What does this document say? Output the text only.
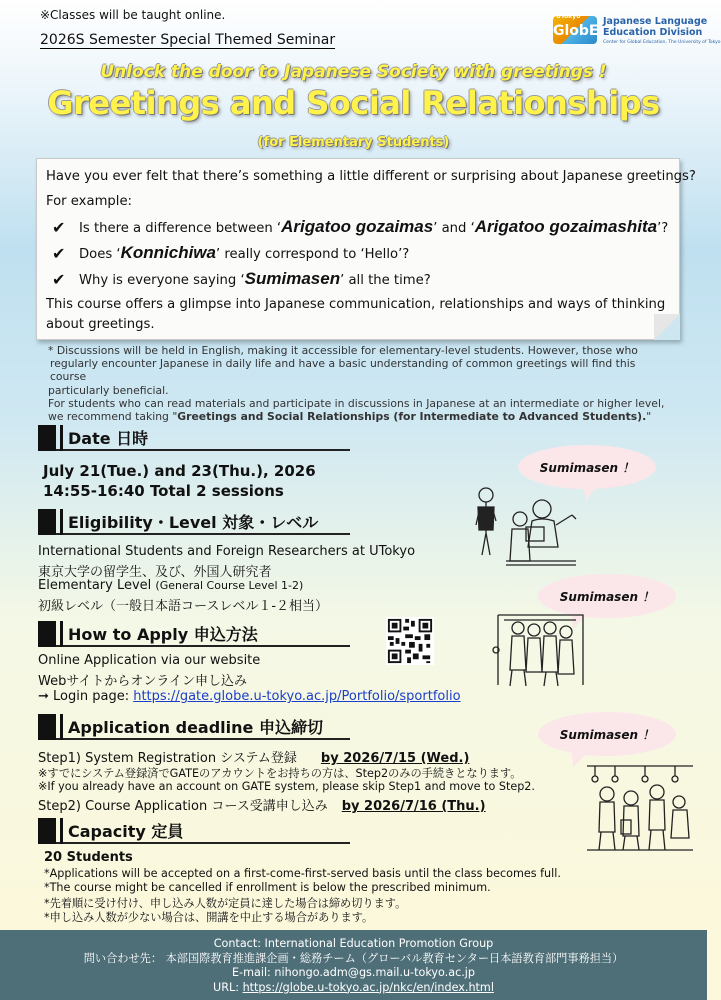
※Classes will be taught online.
2026S Semester Special Themed Seminar
UTokyo
GlobE
Japanese Language
Education Division
Center for Global Education, The University of Tokyo
Unlock the door to Japanese Society with greetings !
Greetings and Social Relationships
(for Elementary Students)
Have you ever felt that there’s something a little different or surprising about Japanese greetings?
For example:
✔ Is there a difference between ‘Arigatoo gozaimas’ and ‘Arigatoo gozaimashita’?
✔ Does ‘Konnichiwa’ really correspond to ‘Hello’?
✔ Why is everyone saying ‘Sumimasen’ all the time?
This course offers a glimpse into Japanese communication, relationships and ways of thinking
about greetings.
* Discussions will be held in English, making it accessible for elementary-level students. However, those who
regularly encounter Japanese in daily life and have a basic understanding of common greetings will find this course
particularly beneficial.
For students who can read materials and participate in discussions in Japanese at an intermediate or higher level,
we recommend taking "Greetings and Social Relationships (for Intermediate to Advanced Students)."
Date 日時
July 21(Tue.) and 23(Thu.), 2026
14:55-16:40 Total 2 sessions
Eligibility・Level 対象・レベル
International Students and Foreign Researchers at UTokyo
東京大学の留学生、及び、外国人研究者
Elementary Level (General Course Level 1-2)
初級レベル（一般日本語コースレベル１‐２相当）
How to Apply 申込方法
Online Application via our website
Webサイトからオンライン申し込み
➞ Login page: https://gate.globe.u-tokyo.ac.jp/Portfolio/sportfolio
Application deadline 申込締切
Step1) System Registration システム登録 by 2026/7/15 (Wed.)
※すでにシステム登録済でGATEのアカウントをお持ちの方は、Step2のみの手続きとなります。
※If you already have an account on GATE system, please skip Step1 and move to Step2.
Step2) Course Application コース受講申し込み by 2026/7/16 (Thu.)
Capacity 定員
20 Students
*Applications will be accepted on a first-come-first-served basis until the class becomes full.
*The course might be cancelled if enrollment is below the prescribed minimum.
*先着順に受け付け、申し込み人数が定員に達した場合は締め切ります。
*申し込み人数が少ない場合は、開講を中止する場合があります。
Sumimasen ！
Sumimasen ！
Sumimasen ！
Contact: International Education Promotion Group
問い合わせ先： 本部国際教育推進課企画・総務チーム（グローバル教育センター日本語教育部門事務担当）
E-mail: nihongo.adm@gs.mail.u-tokyo.ac.jp
URL: https://globe.u-tokyo.ac.jp/nkc/en/index.html
